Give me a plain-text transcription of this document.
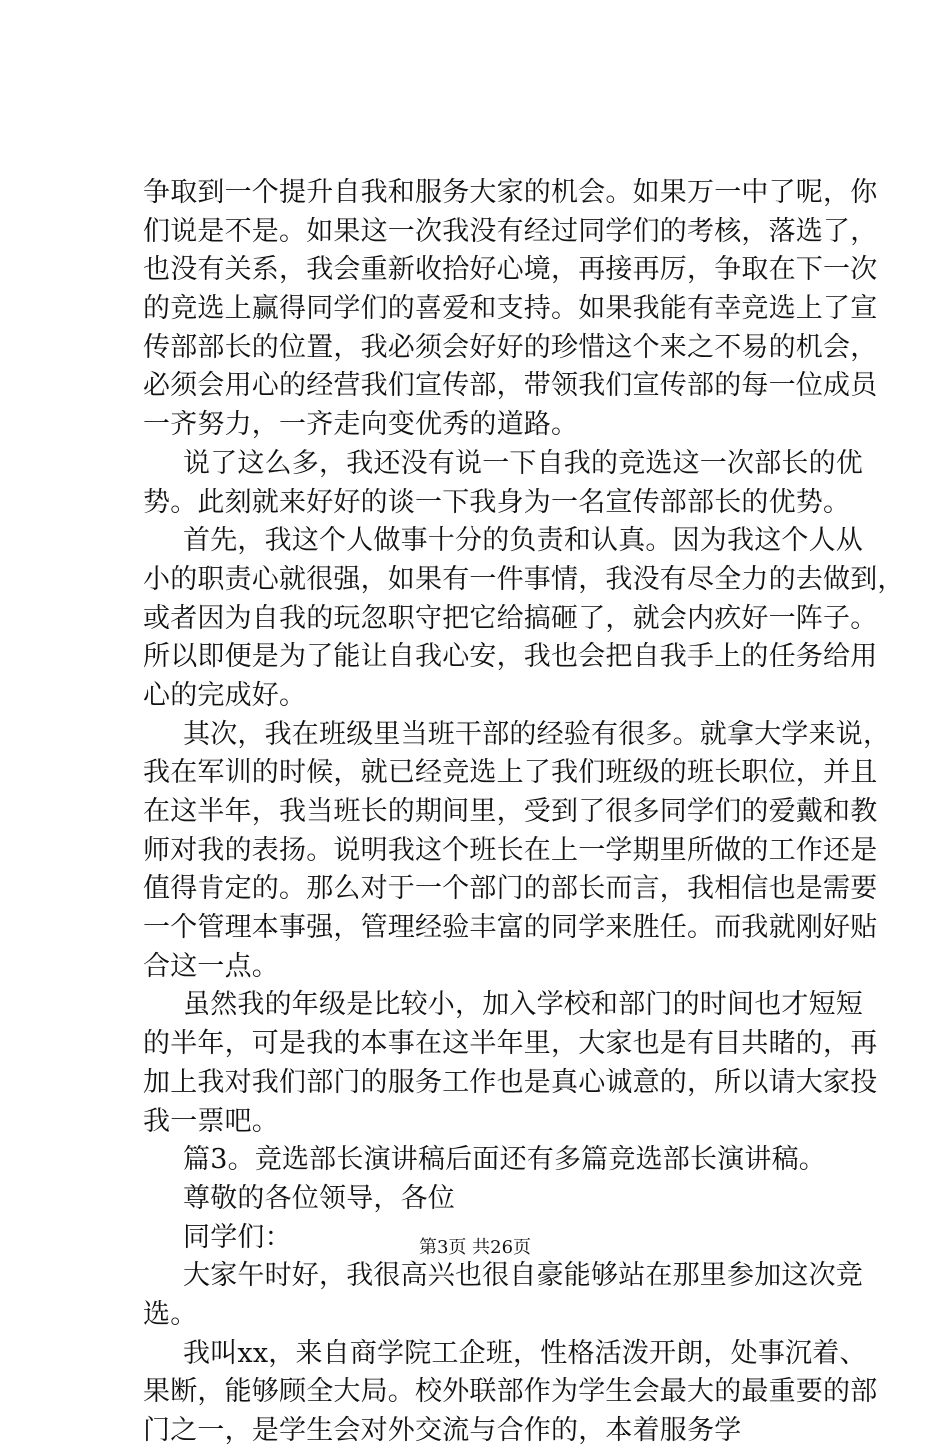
争取到一个提升自我和服务大家的机会。如果万一中了呢，你
们说是不是。如果这一次我没有经过同学们的考核，落选了，
也没有关系，我会重新收拾好心境，再接再厉，争取在下一次
的竞选上赢得同学们的喜爱和支持。如果我能有幸竞选上了宣
传部部长的位置，我必须会好好的珍惜这个来之不易的机会，
必须会用心的经营我们宣传部，带领我们宣传部的每一位成员
一齐努力，一齐走向变优秀的道路。
说了这么多，我还没有说一下自我的竞选这一次部长的优
势。此刻就来好好的谈一下我身为一名宣传部部长的优势。
首先，我这个人做事十分的负责和认真。因为我这个人从
小的职责心就很强，如果有一件事情，我没有尽全力的去做到，
或者因为自我的玩忽职守把它给搞砸了，就会内疚好一阵子。
所以即便是为了能让自我心安，我也会把自我手上的任务给用
心的完成好。
其次，我在班级里当班干部的经验有很多。就拿大学来说，
我在军训的时候，就已经竞选上了我们班级的班长职位，并且
在这半年，我当班长的期间里，受到了很多同学们的爱戴和教
师对我的表扬。说明我这个班长在上一学期里所做的工作还是
值得肯定的。那么对于一个部门的部长而言，我相信也是需要
一个管理本事强，管理经验丰富的同学来胜任。而我就刚好贴
合这一点。
虽然我的年级是比较小，加入学校和部门的时间也才短短
的半年，可是我的本事在这半年里，大家也是有目共睹的，再
加上我对我们部门的服务工作也是真心诚意的，所以请大家投
我一票吧。
篇3。竞选部长演讲稿后面还有多篇竞选部长演讲稿。
尊敬的各位领导，各位
同学们：
大家午时好，我很高兴也很自豪能够站在那里参加这次竞
选。
我叫xx，来自商学院工企班，性格活泼开朗，处事沉着、
果断，能够顾全大局。校外联部作为学生会最大的最重要的部
门之一，是学生会对外交流与合作的，本着服务学
第3页 共26页
